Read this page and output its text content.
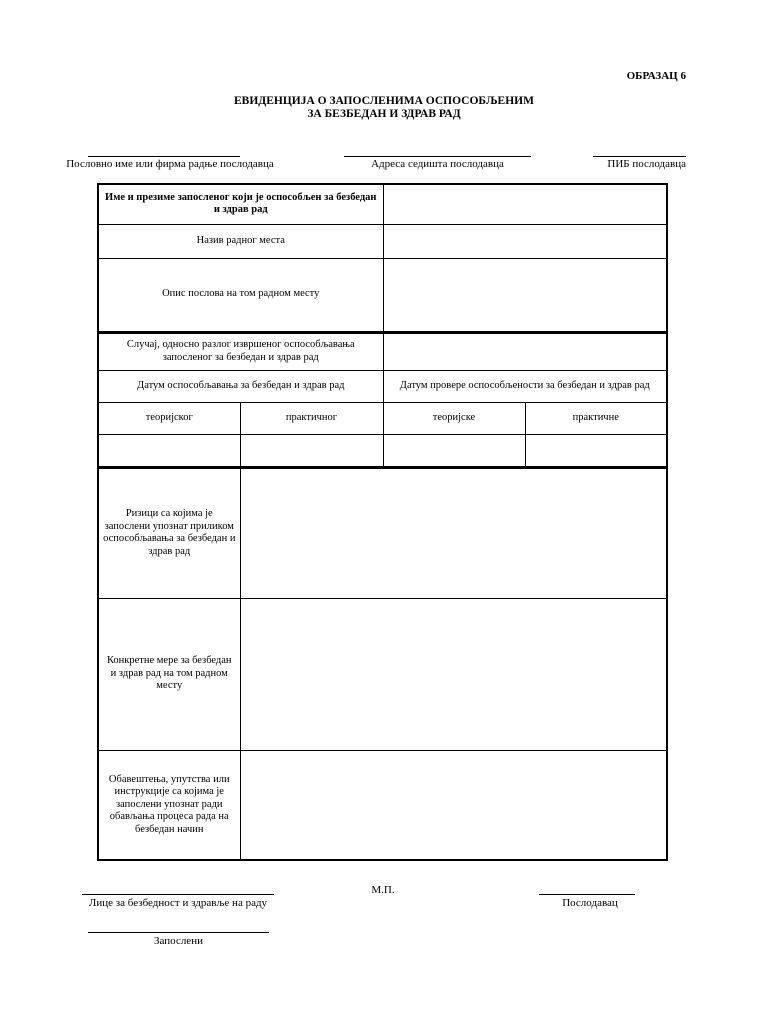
ОБРАЗАЦ 6
ЕВИДЕНЦИЈА О ЗАПОСЛЕНИМА ОСПОСОБЉЕНИМ
ЗА БЕЗБЕДАН И ЗДРАВ РАД
Пословно име или фирма радње послодавца	Адреса седишта послодавца	ПИБ послодавца
Име и презиме запосленог који је оспособљен за безбедан и здрав рад			
Назив радног места			
Опис послова на том радном месту			
Случај, односно разлог извршеног оспособљавања запосленог за безбедан и здрав рад			
Датум оспособљавања за безбедан и здрав рад		Датум провере оспособљености за безбедан и здрав рад	
теоријског	практичног	теоријске	практичне

Ризици са којима је запослени упознат приликом оспособљавања за безбедан и здрав рад			
Конкретне мере за безбедан и здрав рад на том радном месту			
Обавештења, упутства или инструкције са којима је запослени упознат ради обављања процеса рада на безбедан начин			
М.П.
Лице за безбедност и здравље на раду	Послодавац
Запослени
